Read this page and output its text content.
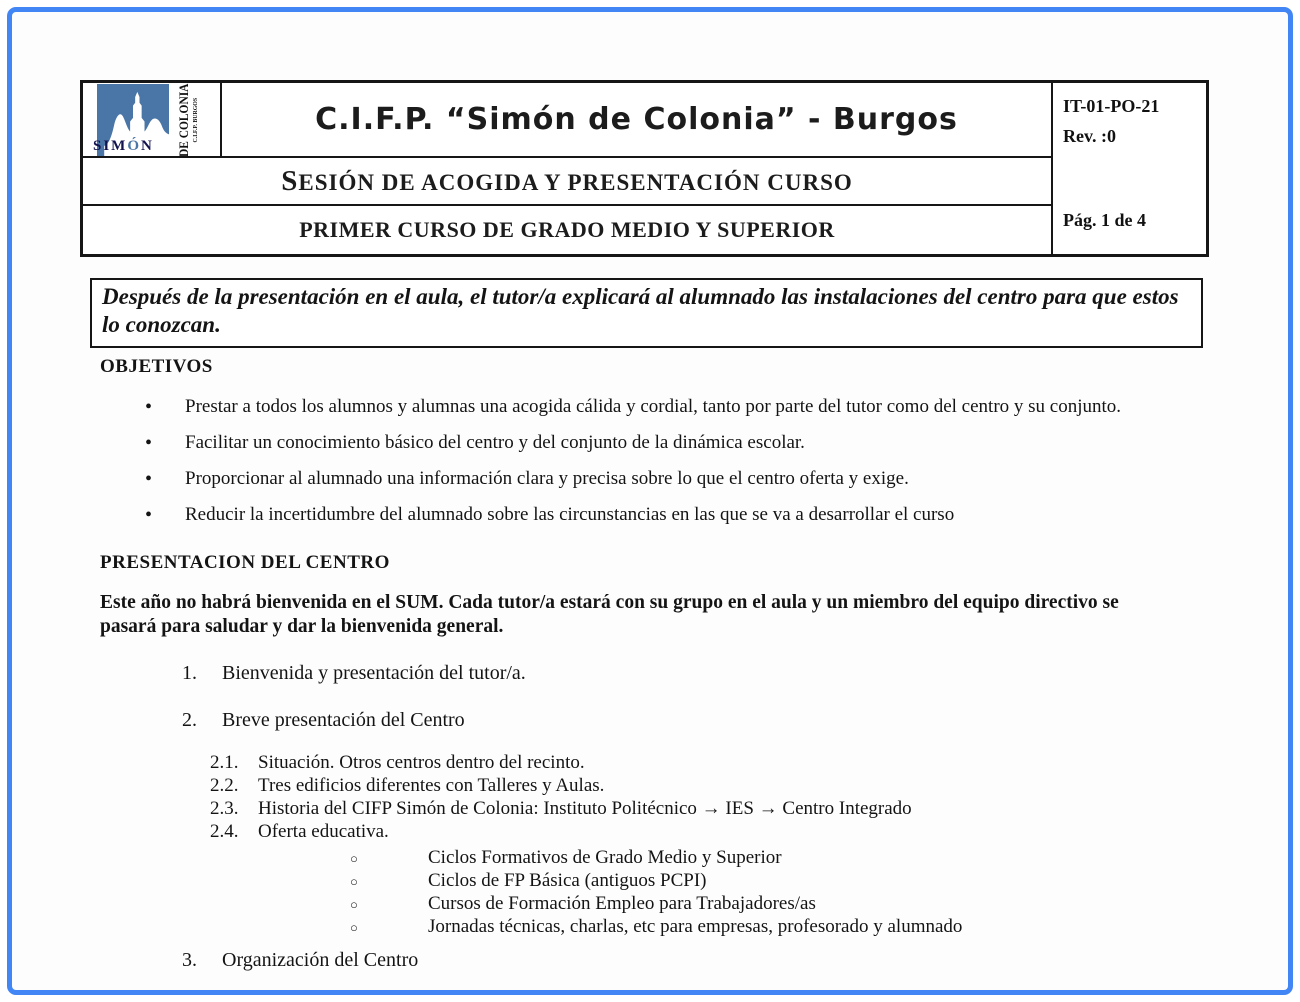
SIMÓN	DE COLONIA C.I.F.P. BURGOS	C.I.F.P. “Simón de Colonia” - Burgos	IT-01-PO-21
Rev. :0
Pág. 1 de 4
SESIÓN DE ACOGIDA Y PRESENTACIÓN CURSO
PRIMER CURSO DE GRADO MEDIO Y SUPERIOR
Después de la presentación en el aula, el tutor/a explicará al alumnado las instalaciones del centro para que estos lo conozcan.
OBJETIVOS
• Prestar a todos los alumnos y alumnas una acogida cálida y cordial, tanto por parte del tutor como del centro y su conjunto.
• Facilitar un conocimiento básico del centro y del conjunto de la dinámica escolar.
• Proporcionar al alumnado una información clara y precisa sobre lo que el centro oferta y exige.
• Reducir la incertidumbre del alumnado sobre las circunstancias en las que se va a desarrollar el curso
PRESENTACION DEL CENTRO
Este año no habrá bienvenida en el SUM. Cada tutor/a estará con su grupo en el aula y un miembro del equipo directivo se pasará para saludar y dar la bienvenida general.
1. Bienvenida y presentación del tutor/a.
2. Breve presentación del Centro
2.1. Situación. Otros centros dentro del recinto.
2.2. Tres edificios diferentes con Talleres y Aulas.
2.3. Historia del CIFP Simón de Colonia: Instituto Politécnico → IES → Centro Integrado
2.4. Oferta educativa.
○ Ciclos Formativos de Grado Medio y Superior
○ Ciclos de FP Básica (antiguos PCPI)
○ Cursos de Formación Empleo para Trabajadores/as
○ Jornadas técnicas, charlas, etc para empresas, profesorado y alumnado
3. Organización del Centro
